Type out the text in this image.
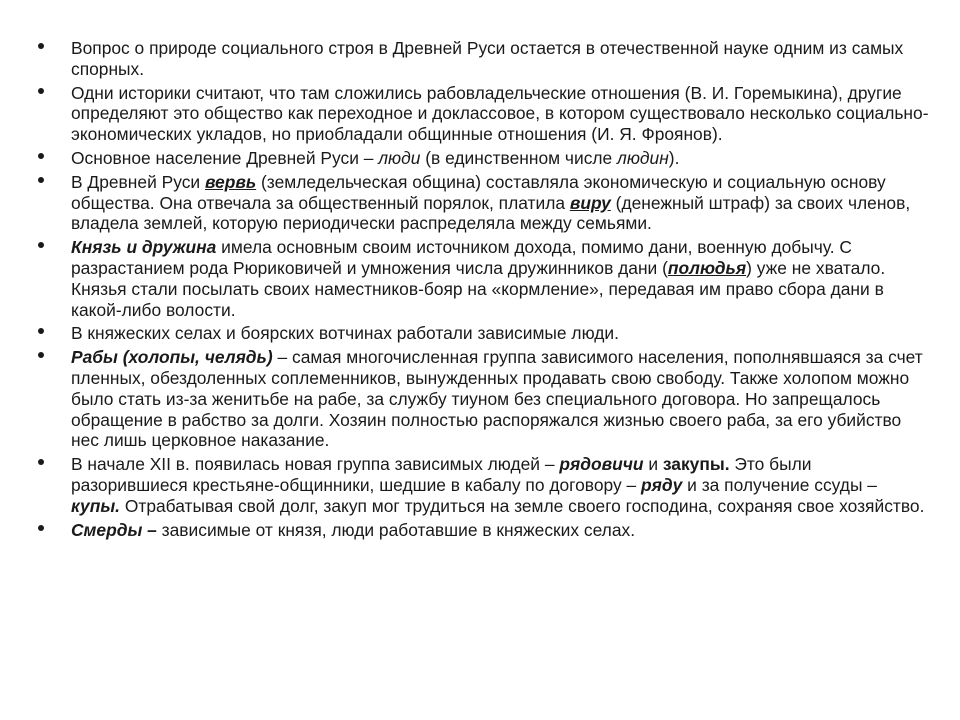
Вопрос о природе социального строя в Древней Руси остается в отечественной науке одним из самых спорных.
Одни историки считают, что там сложились рабовладельческие отношения (В. И. Горемыкина), другие определяют это общество как переходное и доклассовое, в котором существовало несколько социально-экономических укладов, но приобладали общинные отношения (И. Я. Фроянов).
Основное население Древней Руси – люди (в единственном числе людин).
В Древней Руси вервь (земледельческая община) составляла экономическую и социальную основу общества. Она отвечала за общественный порялок, платила виру (денежный штраф) за своих членов, владела землей, которую периодически распределяла между семьями.
Князь и дружина имела основным своим источником дохода, помимо дани, военную добычу. С разрастанием рода Рюриковичей и умножения числа дружинников дани (полюдья) уже не хватало. Князья стали посылать своих наместников-бояр на «кормление», передавая им право сбора дани в какой-либо волости.
В княжеских селах и боярских вотчинах работали зависимые люди.
Рабы (холопы, челядь) – самая многочисленная группа зависимого населения, пополнявшаяся за счет пленных, обездоленных соплеменников, вынужденных продавать свою свободу. Также холопом можно было стать из-за женитьбе на рабе, за службу тиуном без специального договора. Но запрещалось обращение в рабство за долги. Хозяин полностью распоряжался жизнью своего раба, за его убийство нес лишь церковное наказание.
В начале XII в. появилась новая группа зависимых людей – рядовичи и закупы. Это были разорившиеся крестьяне-общинники, шедшие в кабалу по договору – ряду и за получение ссуды – купы. Отрабатывая свой долг, закуп мог трудиться на земле своего господина, сохраняя свое хозяйство.
Смерды – зависимые от князя, люди работавшие в княжеских селах.
